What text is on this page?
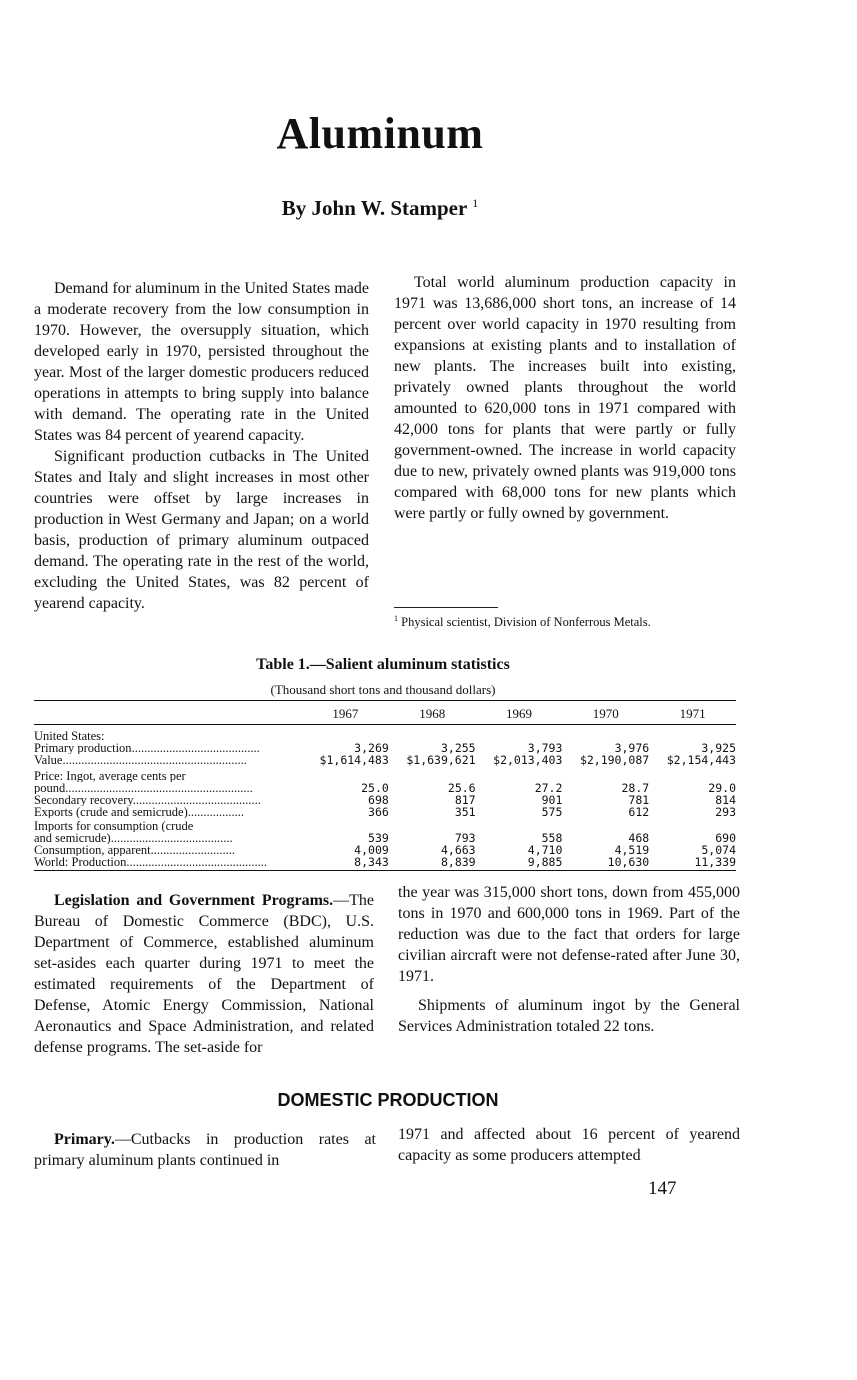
Aluminum
By John W. Stamper $^1$

Demand for aluminum in the United States made a moderate recovery from the low consumption in 1970. However, the oversupply situation, which developed early in 1970, persisted throughout the year. Most of the larger domestic producers reduced operations in attempts to bring supply into balance with demand. The operating rate in the United States was 84 percent of yearend capacity.

Significant production cutbacks in The United States and Italy and slight increases in most other countries were offset by large increases in production in West Germany and Japan; on a world basis, production of primary aluminum outpaced demand. The operating rate in the rest of the world, excluding the United States, was 82 percent of yearend capacity.

Total world aluminum production capacity in 1971 was 13,686,000 short tons, an increase of 14 percent over world capacity in 1970 resulting from expansions at existing plants and to installation of new plants. The increases built into existing, privately owned plants throughout the world amounted to 620,000 tons in 1971 compared with 42,000 tons for plants that were partly or fully government-owned. The increase in world capacity due to new, privately owned plants was 919,000 tons compared with 68,000 tons for new plants which were partly or fully owned by government.

$^1$ Physical scientist, Division of Nonferrous Metals.
Table 1.—Salient aluminum statistics
(Thousand short tons and thousand dollars)
	1967	1968	1969	1970	1971
United States:					
Primary production.........................................	3,269	3,255	3,793	3,976	3,925
Value...........................................................	$1,614,483	$1,639,621	$2,013,403	$2,190,087	$2,154,443
Price: Ingot, average cents per					
pound............................................................	25.0	25.6	27.2	28.7	29.0
Secondary recovery.........................................	698	817	901	781	814
Exports (crude and semicrude)..................	366	351	575	612	293
Imports for consumption (crude					
and semicrude).......................................	539	793	558	468	690
Consumption, apparent...........................	4,009	4,663	4,710	4,519	5,074
World: Production.............................................	8,343	8,839	9,885	10,630	11,339

Legislation and Government Programs.—The Bureau of Domestic Commerce (BDC), U.S. Department of Commerce, established aluminum set-asides each quarter during 1971 to meet the estimated requirements of the Department of Defense, Atomic Energy Commission, National Aeronautics and Space Administration, and related defense programs. The set-aside for

the year was 315,000 short tons, down from 455,000 tons in 1970 and 600,000 tons in 1969. Part of the reduction was due to the fact that orders for large civilian aircraft were not defense-rated after June 30, 1971.

Shipments of aluminum ingot by the General Services Administration totaled 22 tons.

DOMESTIC PRODUCTION

Primary.—Cutbacks in production rates at primary aluminum plants continued in

1971 and affected about 16 percent of yearend capacity as some producers attempted

147
